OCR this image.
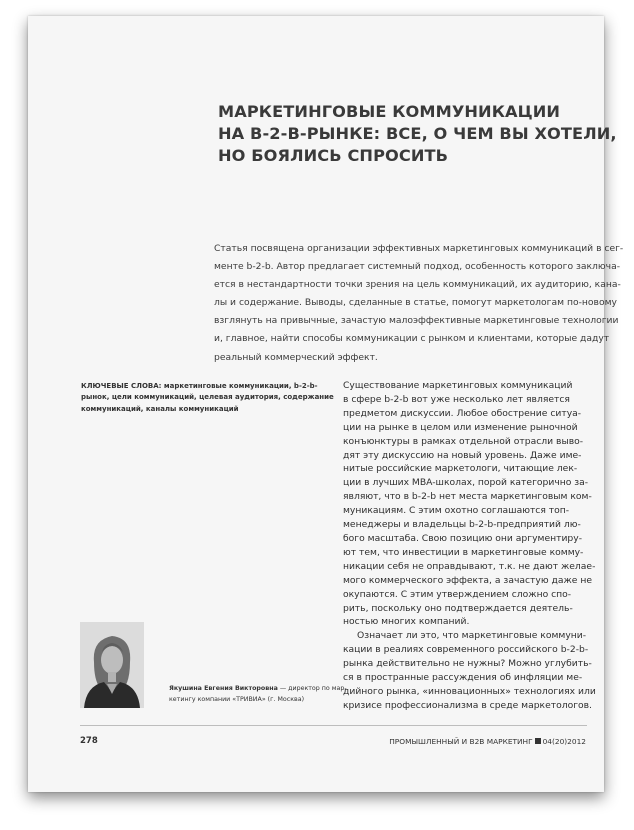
МАРКЕТИНГОВЫЕ КОММУНИКАЦИИ
НА B-2-B-РЫНКЕ: ВСЕ, О ЧЕМ ВЫ ХОТЕЛИ,
НО БОЯЛИСЬ СПРОСИТЬ
Статья посвящена организации эффективных маркетинговых коммуникаций в сег-
менте b-2-b. Автор предлагает системный подход, особенность которого заключа-
ется в нестандартности точки зрения на цель коммуникаций, их аудиторию, кана-
лы и содержание. Выводы, сделанные в статье, помогут маркетологам по-новому
взглянуть на привычные, зачастую малоэффективные маркетинговые технологии
и, главное, найти способы коммуникации с рынком и клиентами, которые дадут
реальный коммерческий эффект.
КЛЮЧЕВЫЕ СЛОВА: маркетинговые коммуникации, b-2-b-
рынок, цели коммуникаций, целевая аудитория, содержание
коммуникаций, каналы коммуникаций
Существование маркетинговых коммуникаций
в сфере b-2-b вот уже несколько лет является
предметом дискуссии. Любое обострение ситуа-
ции на рынке в целом или изменение рыночной
конъюнктуры в рамках отдельной отрасли выво-
дят эту дискуссию на новый уровень. Даже име-
нитые российские маркетологи, читающие лек-
ции в лучших MBA-школах, порой категорично за-
являют, что в b-2-b нет места маркетинговым ком-
муникациям. С этим охотно соглашаются топ-
менеджеры и владельцы b-2-b-предприятий лю-
бого масштаба. Свою позицию они аргументиру-
ют тем, что инвестиции в маркетинговые комму-
никации себя не оправдывают, т.к. не дают желае-
мого коммерческого эффекта, а зачастую даже не
окупаются. С этим утверждением сложно спо-
рить, поскольку оно подтверждается деятель-
ностью многих компаний.
Означает ли это, что маркетинговые коммуни-
кации в реалиях современного российского b-2-b-
рынка действительно не нужны? Можно углубить-
ся в пространные рассуждения об инфляции ме-
дийного рынка, «инновационных» технологиях или
кризисе профессионализма в среде маркетологов.
Якушина Евгения Викторовна — директор по мар-
кетингу компании «ТРИВИА» (г. Москва)
278	ПРОМЫШЛЕННЫЙ И B2B МАРКЕТИНГ 04(20)2012
